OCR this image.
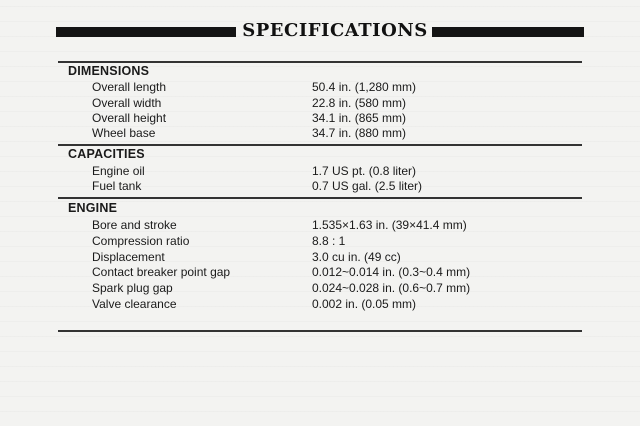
SPECIFICATIONS
DIMENSIONS
Overall length	50.4 in. (1,280 mm)
Overall width	22.8 in. (580 mm)
Overall height	34.1 in. (865 mm)
Wheel base	34.7 in. (880 mm)
CAPACITIES
Engine oil	1.7 US pt. (0.8 liter)
Fuel tank	0.7 US gal. (2.5 liter)
ENGINE
Bore and stroke	1.535×1.63 in. (39×41.4 mm)
Compression ratio	8.8 : 1
Displacement	3.0 cu in. (49 cc)
Contact breaker point gap	0.012~0.014 in. (0.3~0.4 mm)
Spark plug gap	0.024~0.028 in. (0.6~0.7 mm)
Valve clearance	0.002 in. (0.05 mm)
